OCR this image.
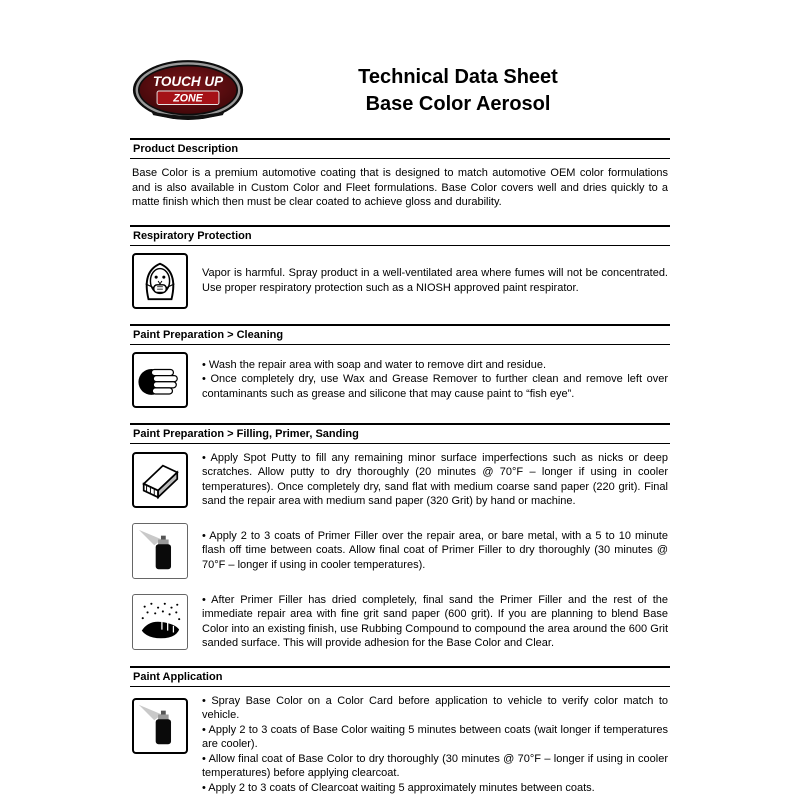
TOUCH UP
ZONE
Technical Data Sheet
Base Color Aerosol
Product Description
Base Color is a premium automotive coating that is designed to match automotive OEM color formulations and is also available in Custom Color and Fleet formulations. Base Color covers well and dries quickly to a matte finish which then must be clear coated to achieve gloss and durability.
Respiratory Protection
Vapor is harmful. Spray product in a well-ventilated area where fumes will not be concentrated. Use proper respiratory protection such as a NIOSH approved paint respirator.
Paint Preparation > Cleaning
• Wash the repair area with soap and water to remove dirt and residue.
• Once completely dry, use Wax and Grease Remover to further clean and remove left over contaminants such as grease and silicone that may cause paint to “fish eye”.
Paint Preparation > Filling, Primer, Sanding
• Apply Spot Putty to fill any remaining minor surface imperfections such as nicks or deep scratches. Allow putty to dry thoroughly (20 minutes @ 70°F – longer if using in cooler temperatures). Once completely dry, sand flat with medium coarse sand paper (220 grit). Final sand the repair area with medium sand paper (320 Grit) by hand or machine.
• Apply 2 to 3 coats of Primer Filler over the repair area, or bare metal, with a 5 to 10 minute flash off time between coats. Allow final coat of Primer Filler to dry thoroughly (30 minutes @ 70°F – longer if using in cooler temperatures).
• After Primer Filler has dried completely, final sand the Primer Filler and the rest of the immediate repair area with fine grit sand paper (600 grit). If you are planning to blend Base Color into an existing finish, use Rubbing Compound to compound the area around the 600 Grit sanded surface. This will provide adhesion for the Base Color and Clear.
Paint Application
• Spray Base Color on a Color Card before application to vehicle to verify color match to vehicle.
• Apply 2 to 3 coats of Base Color waiting 5 minutes between coats (wait longer if temperatures are cooler).
• Allow final coat of Base Color to dry thoroughly (30 minutes @ 70°F – longer if using in cooler temperatures) before applying clearcoat.
• Apply 2 to 3 coats of Clearcoat waiting 5 approximately minutes between coats.
